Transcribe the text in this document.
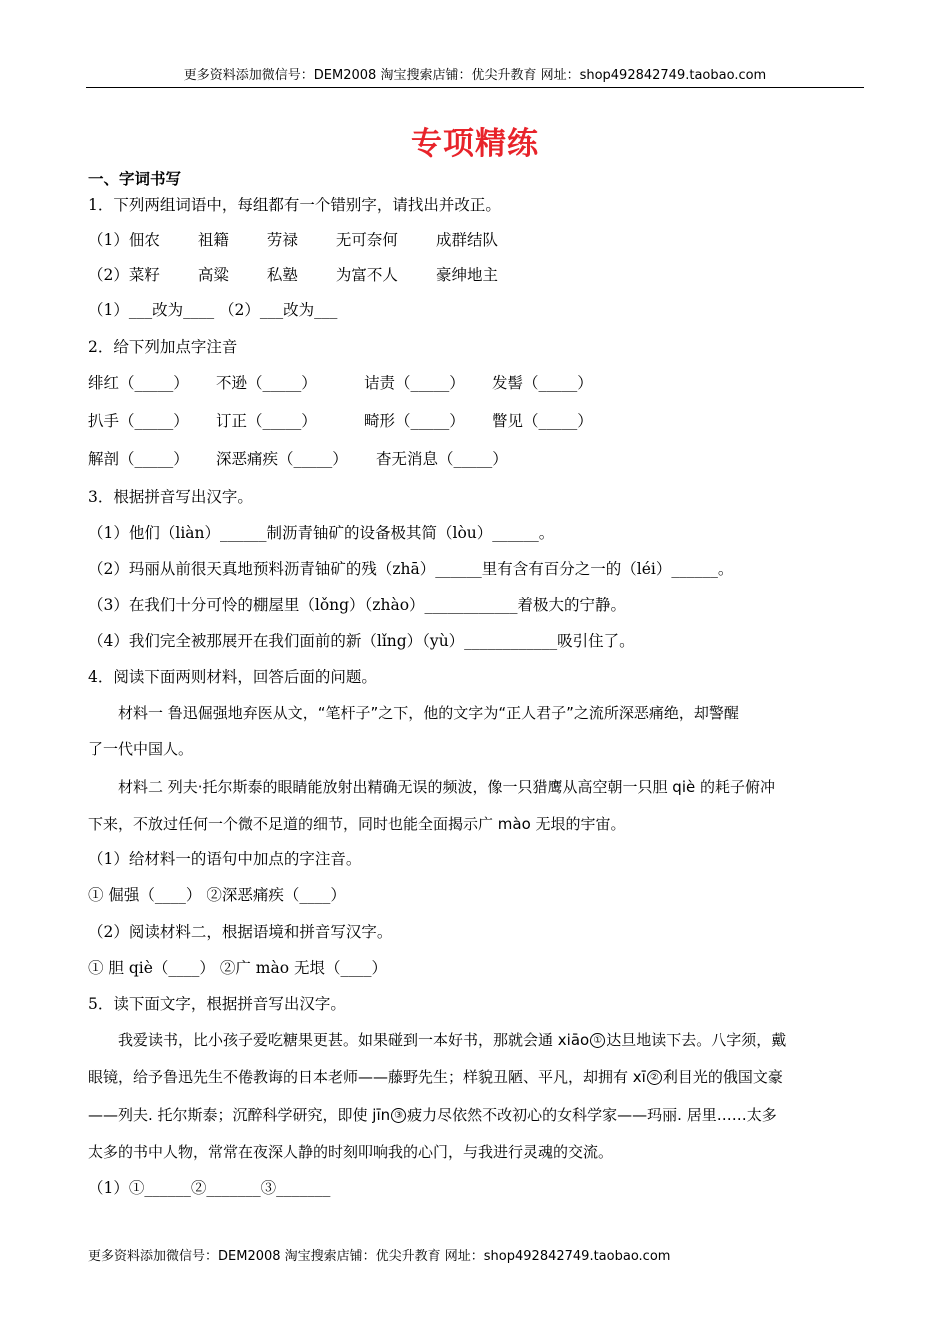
更多资料添加微信号：DEM2008 淘宝搜索店铺：优尖升教育 网址：shop492842749.taobao.com
专项精练
一、字词书写
1．下列两组词语中，每组都有一个错别字，请找出并改正。
（1）佃农 祖籍 劳禄 无可奈何 成群结队
（2）菜籽 高粱 私塾 为富不人 豪绅地主
（1）___改为____ （2）___改为___
2．给下列加点字注音
绯红（_____） 不逊（_____）	诘责（_____） 发髻（_____）
扒手（_____） 订正（_____）	畸形（_____） 瞥见（_____）
解剖（_____） 深恶痛疾（_____） 杳无消息（_____）
3．根据拼音写出汉字。
（1）他们（liàn）______制沥青铀矿的设备极其简（lòu）______。
（2）玛丽从前很天真地预料沥青铀矿的残（zhā）______里有含有百分之一的（léi）______。
（3）在我们十分可怜的棚屋里（lǒng）（zhào）____________着极大的宁静。
（4）我们完全被那展开在我们面前的新（lǐng）（yù）____________吸引住了。
4．阅读下面两则材料，回答后面的问题。
材料一 鲁迅倔强地弃医从文，“笔杆子”之下，他的文字为“正人君子”之流所深恶痛绝，却警醒
了一代中国人。
材料二 列夫·托尔斯泰的眼睛能放射出精确无误的频波，像一只猎鹰从高空朝一只胆 qiè 的耗子俯冲
下来，不放过任何一个微不足道的细节，同时也能全面揭示广 mào 无垠的宇宙。
（1）给材料一的语句中加点的字注音。
① 倔强（____） ②深恶痛疾（____）
（2）阅读材料二，根据语境和拼音写汉字。
① 胆 qiè（____） ②广 mào 无垠（____）
5．读下面文字，根据拼音写出汉字。
我爱读书，比小孩子爱吃糖果更甚。如果碰到一本好书，那就会通 xiāo ① 达旦地读下去。八字须，戴
眼镜，给予鲁迅先生不倦教诲的日本老师——藤野先生；样貌丑陋、平凡，却拥有 xī ② 利目光的俄国文豪
——列夫. 托尔斯泰；沉醉科学研究，即使 jīn ③ 疲力尽依然不改初心的女科学家——玛丽. 居里……太多
太多的书中人物，常常在夜深人静的时刻叩响我的心门，与我进行灵魂的交流。
（1）①______②_______③_______
更多资料添加微信号：DEM2008 淘宝搜索店铺：优尖升教育 网址：shop492842749.taobao.com
